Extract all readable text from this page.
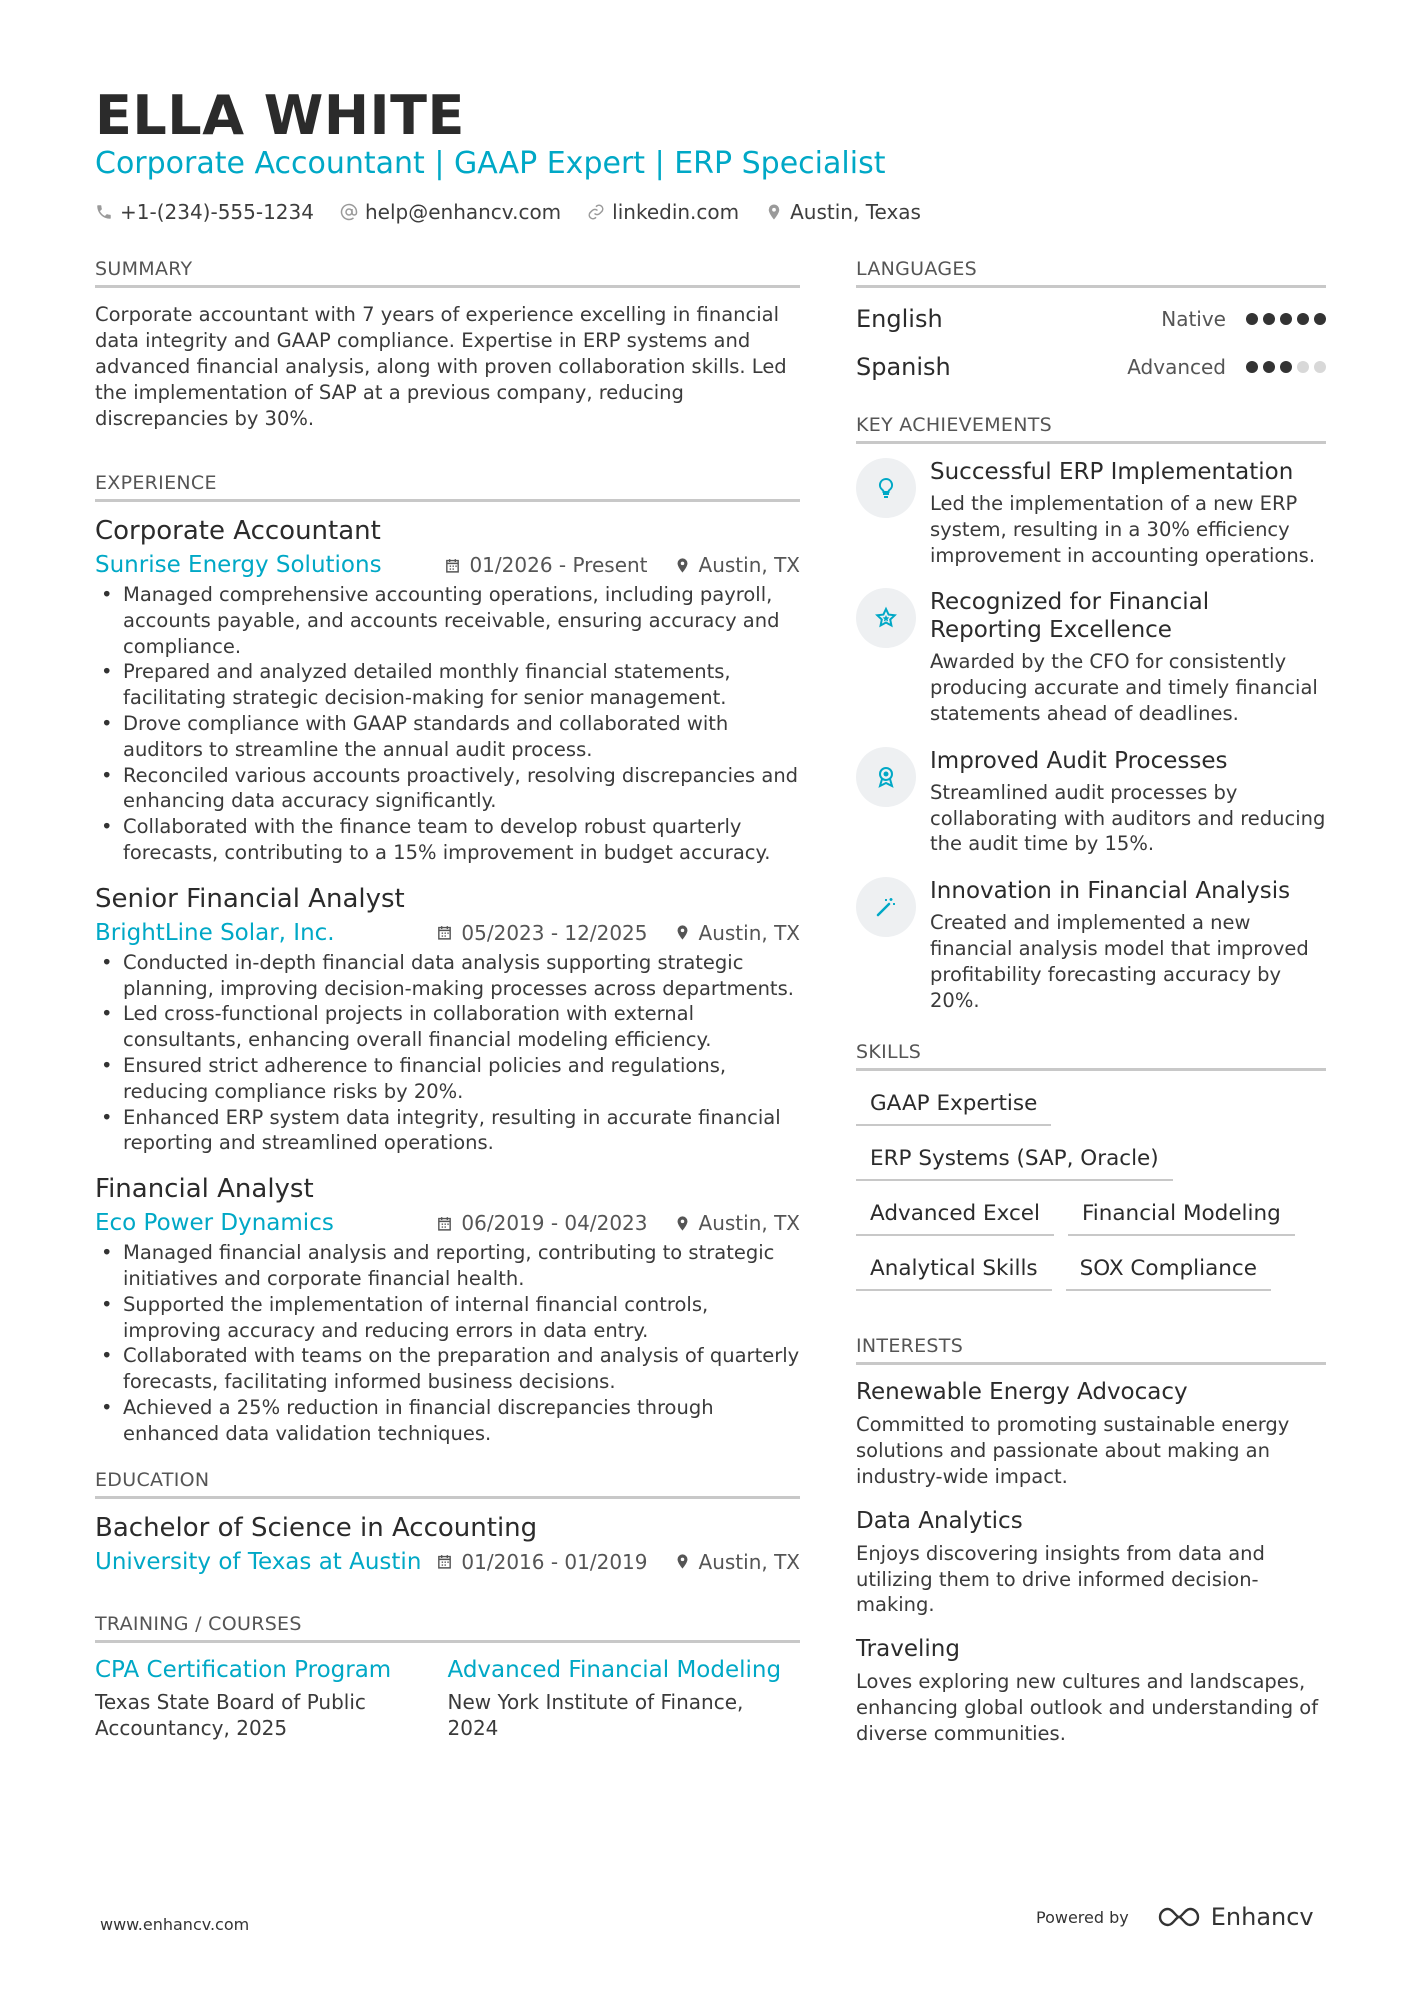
ELLA WHITE
Corporate Accountant | GAAP Expert | ERP Specialist
+1-(234)-555-1234	help@enhancv.com	linkedin.com	Austin, Texas
SUMMARY
Corporate accountant with 7 years of experience excelling in financial data integrity and GAAP compliance. Expertise in ERP systems and advanced financial analysis, along with proven collaboration skills. Led the implementation of SAP at a previous company, reducing discrepancies by 30%.
EXPERIENCE
Corporate Accountant
Sunrise Energy Solutions	01/2026 - Present	Austin, TX
• Managed comprehensive accounting operations, including payroll, accounts payable, and accounts receivable, ensuring accuracy and compliance.
• Prepared and analyzed detailed monthly financial statements, facilitating strategic decision-making for senior management.
• Drove compliance with GAAP standards and collaborated with auditors to streamline the annual audit process.
• Reconciled various accounts proactively, resolving discrepancies and enhancing data accuracy significantly.
• Collaborated with the finance team to develop robust quarterly forecasts, contributing to a 15% improvement in budget accuracy.
Senior Financial Analyst
BrightLine Solar, Inc.	05/2023 - 12/2025	Austin, TX
• Conducted in-depth financial data analysis supporting strategic planning, improving decision-making processes across departments.
• Led cross-functional projects in collaboration with external consultants, enhancing overall financial modeling efficiency.
• Ensured strict adherence to financial policies and regulations, reducing compliance risks by 20%.
• Enhanced ERP system data integrity, resulting in accurate financial reporting and streamlined operations.
Financial Analyst
Eco Power Dynamics	06/2019 - 04/2023	Austin, TX
• Managed financial analysis and reporting, contributing to strategic initiatives and corporate financial health.
• Supported the implementation of internal financial controls, improving accuracy and reducing errors in data entry.
• Collaborated with teams on the preparation and analysis of quarterly forecasts, facilitating informed business decisions.
• Achieved a 25% reduction in financial discrepancies through enhanced data validation techniques.
EDUCATION
Bachelor of Science in Accounting
University of Texas at Austin 01/2016 - 01/2019	Austin, TX
TRAINING / COURSES
CPA Certification Program
Texas State Board of Public Accountancy, 2025
Advanced Financial Modeling
New York Institute of Finance, 2024
LANGUAGES
English	Native
Spanish	Advanced
KEY ACHIEVEMENTS
Successful ERP Implementation
Led the implementation of a new ERP system, resulting in a 30% efficiency improvement in accounting operations.
Recognized for Financial Reporting Excellence
Awarded by the CFO for consistently producing accurate and timely financial statements ahead of deadlines.
Improved Audit Processes
Streamlined audit processes by collaborating with auditors and reducing the audit time by 15%.
Innovation in Financial Analysis
Created and implemented a new financial analysis model that improved profitability forecasting accuracy by 20%.
SKILLS
GAAP Expertise
ERP Systems (SAP, Oracle)
Advanced Excel	Financial Modeling
Analytical Skills	SOX Compliance
INTERESTS
Renewable Energy Advocacy
Committed to promoting sustainable energy solutions and passionate about making an industry-wide impact.
Data Analytics
Enjoys discovering insights from data and utilizing them to drive informed decision-making.
Traveling
Loves exploring new cultures and landscapes, enhancing global outlook and understanding of diverse communities.
www.enhancv.com	Powered by	Enhancv
